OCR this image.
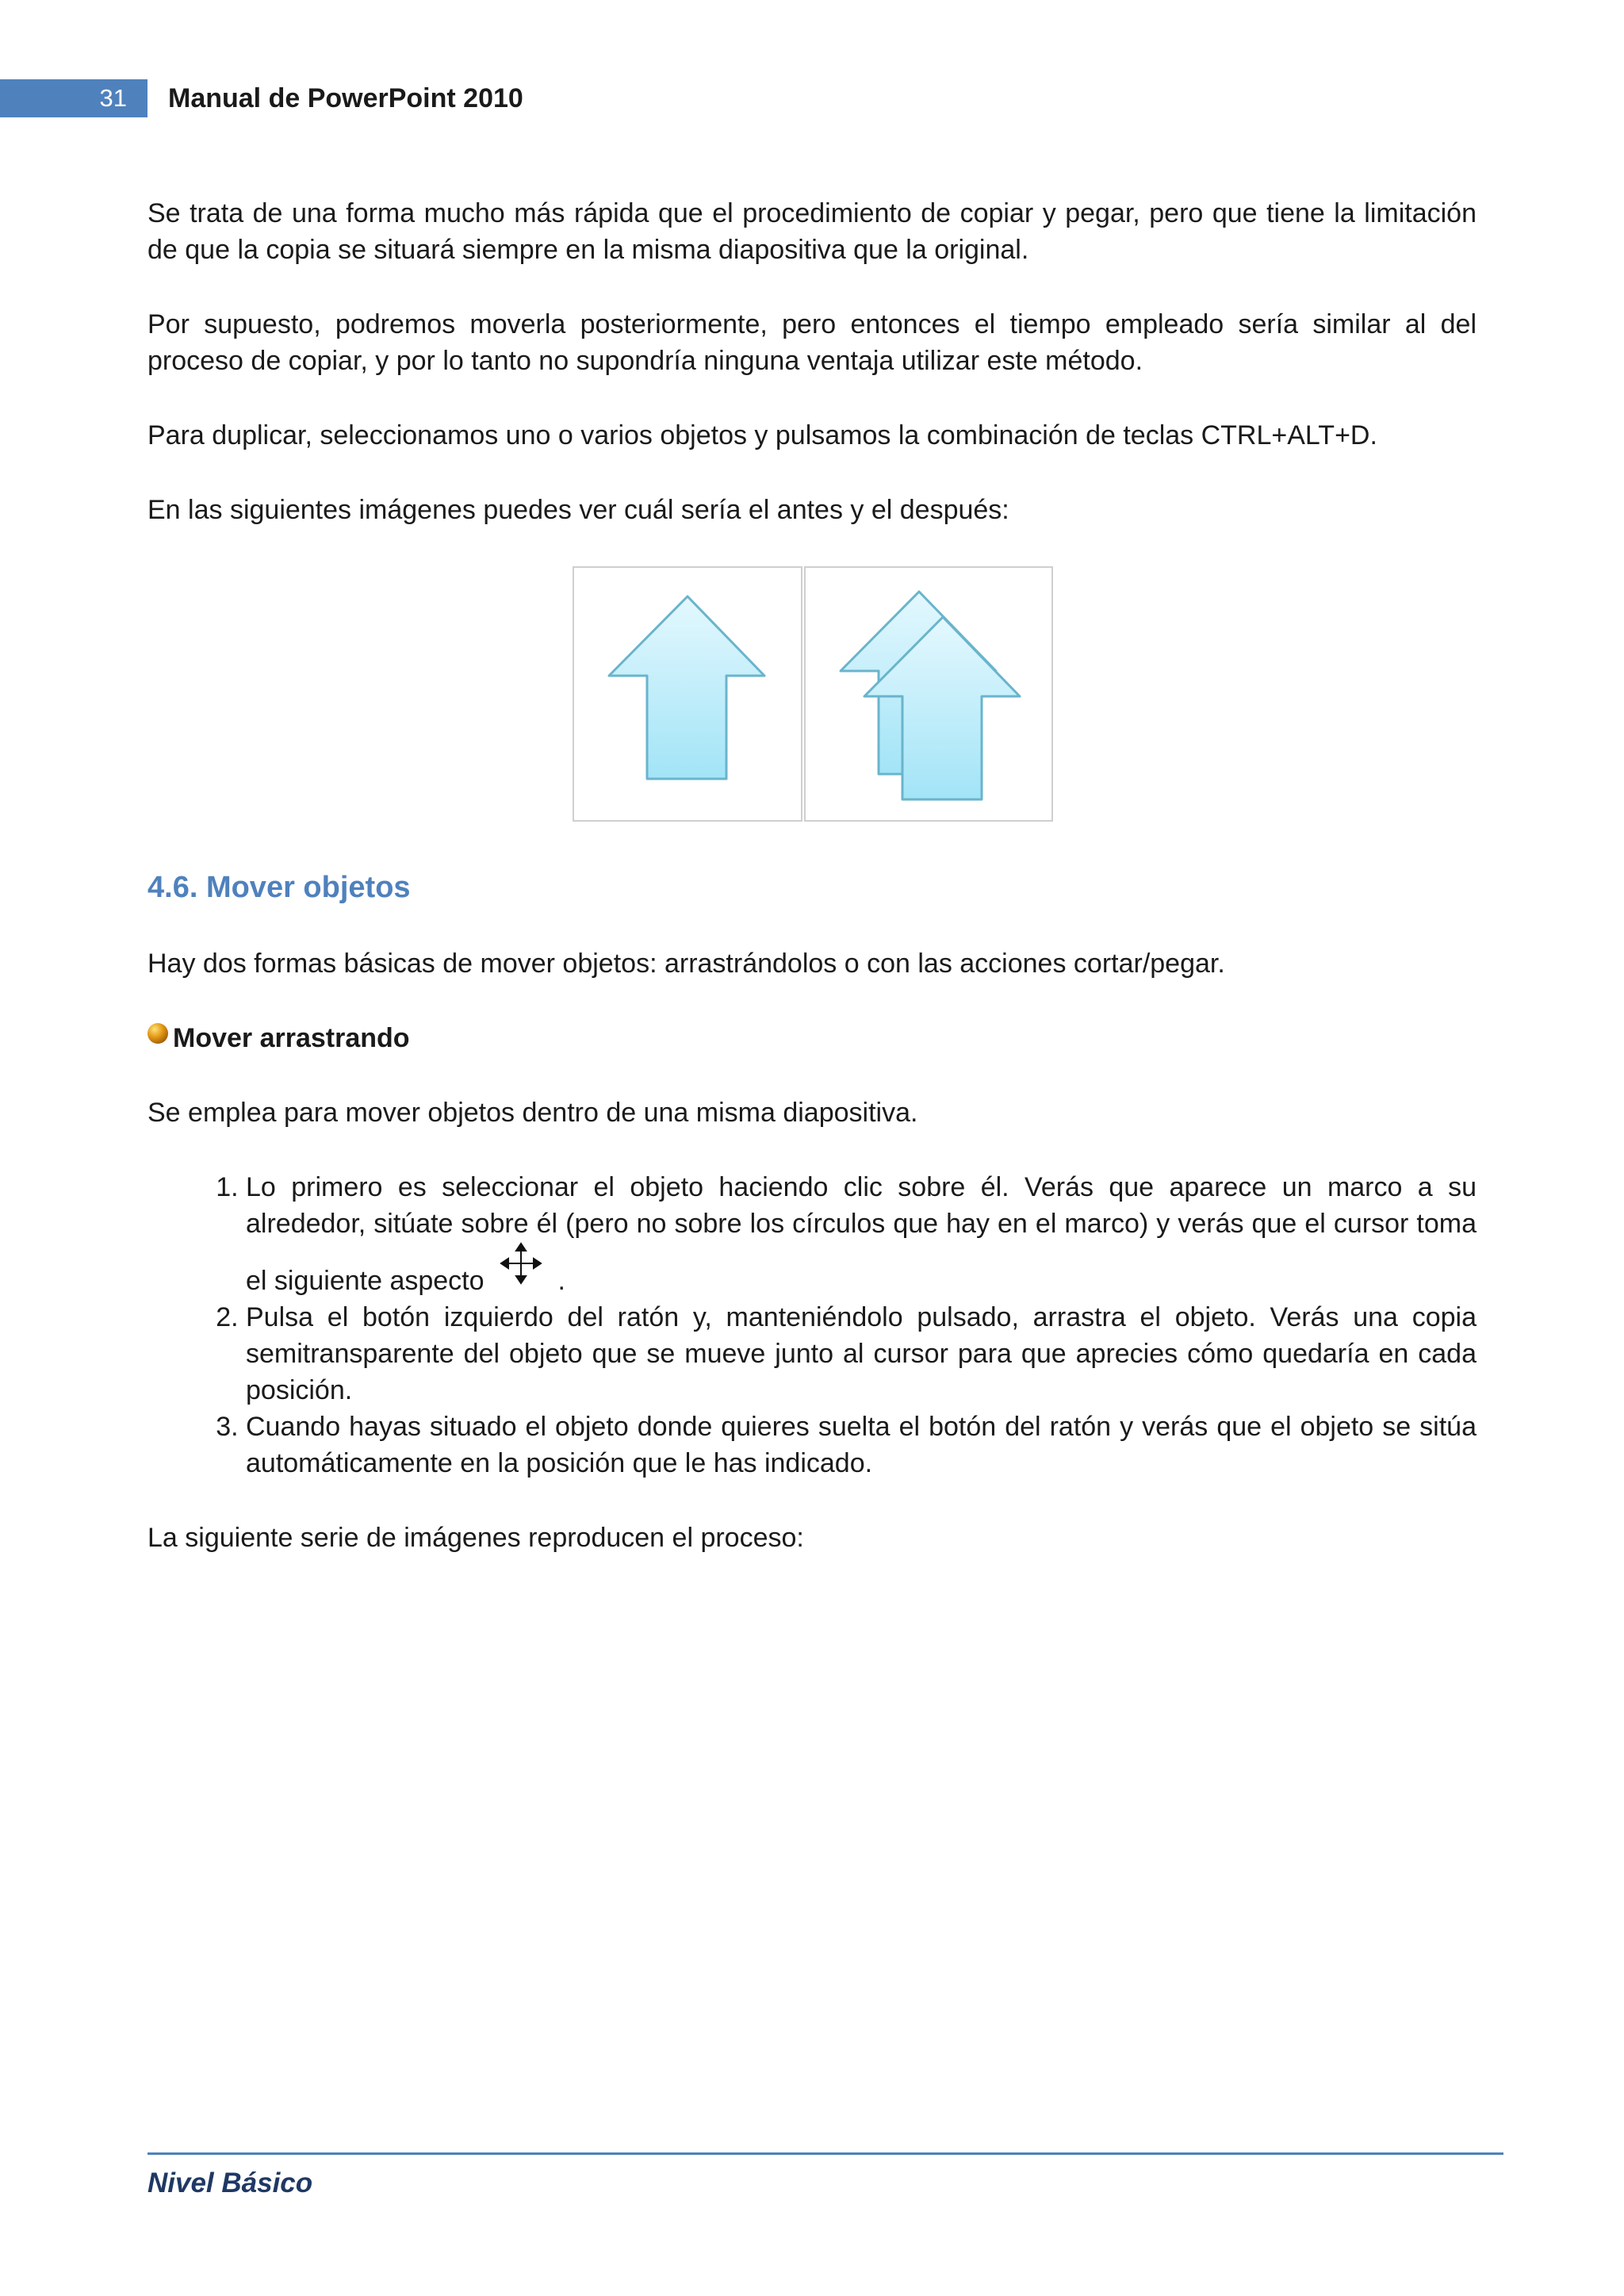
31	Manual de PowerPoint 2010

Se trata de una forma mucho más rápida que el procedimiento de copiar y pegar, pero que tiene la limitación de que la copia se situará siempre en la misma diapositiva que la original.

Por supuesto, podremos moverla posteriormente, pero entonces el tiempo empleado sería similar al del proceso de copiar, y por lo tanto no supondría ninguna ventaja utilizar este método.

Para duplicar, seleccionamos uno o varios objetos y pulsamos la combinación de teclas CTRL+ALT+D.

En las siguientes imágenes puedes ver cuál sería el antes y el después:

4.6. Mover objetos

Hay dos formas básicas de mover objetos: arrastrándolos o con las acciones cortar/pegar.

Mover arrastrando

Se emplea para mover objetos dentro de una misma diapositiva.

1. Lo primero es seleccionar el objeto haciendo clic sobre él. Verás que aparece un marco a su alrededor, sitúate sobre él (pero no sobre los círculos que hay en el marco) y verás que el cursor toma el siguiente aspecto	.
2. Pulsa el botón izquierdo del ratón y, manteniéndolo pulsado, arrastra el objeto. Verás una copia semitransparente del objeto que se mueve junto al cursor para que aprecies cómo quedaría en cada posición.
3. Cuando hayas situado el objeto donde quieres suelta el botón del ratón y verás que el objeto se sitúa automáticamente en la posición que le has indicado.

La siguiente serie de imágenes reproducen el proceso:

Nivel Básico
